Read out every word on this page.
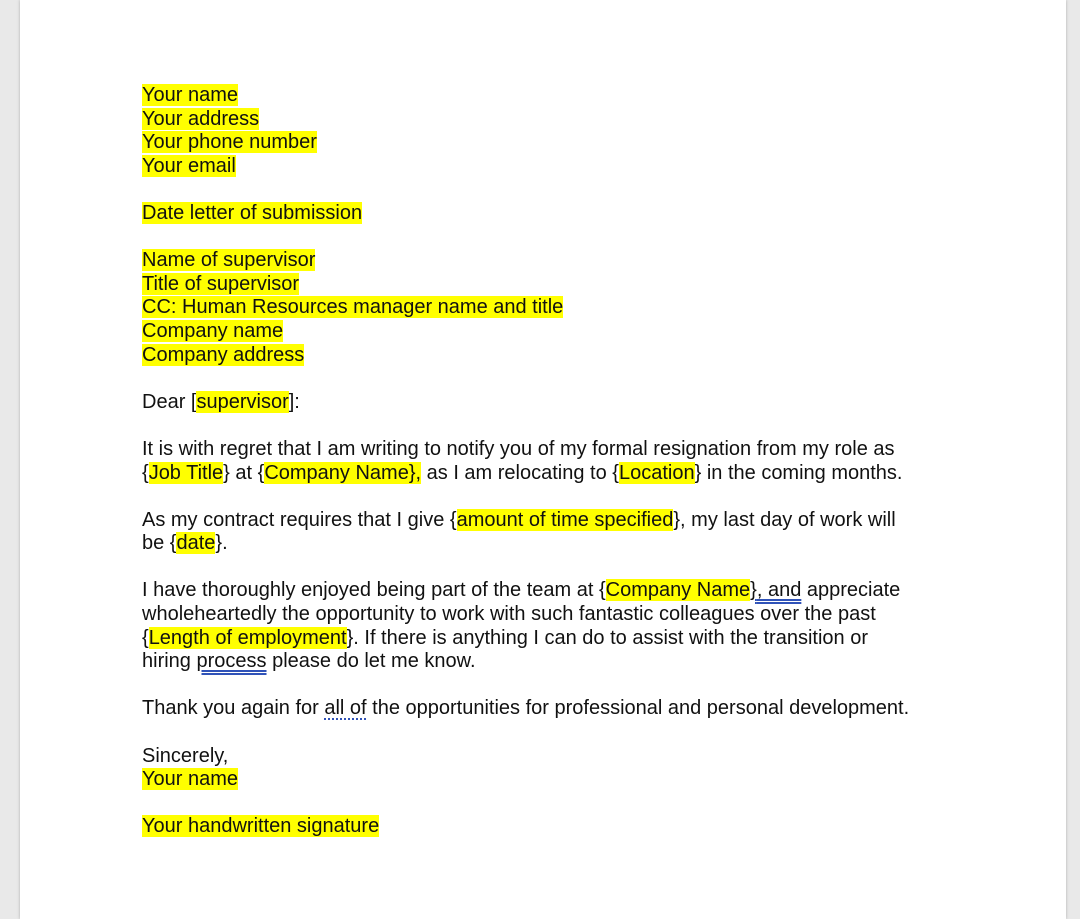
Your name
Your address
Your phone number
Your email
Date letter of submission
Name of supervisor
Title of supervisor
CC: Human Resources manager name and title
Company name
Company address
Dear [supervisor]:
It is with regret that I am writing to notify you of my formal resignation from my role as
{Job Title} at {Company Name}, as I am relocating to {Location} in the coming months.
As my contract requires that I give {amount of time specified}, my last day of work will
be {date}.
I have thoroughly enjoyed being part of the team at {Company Name}, and appreciate
wholeheartedly the opportunity to work with such fantastic colleagues over the past
{Length of employment}. If there is anything I can do to assist with the transition or
hiring process please do let me know.
Thank you again for all of the opportunities for professional and personal development.
Sincerely,
Your name
Your handwritten signature
